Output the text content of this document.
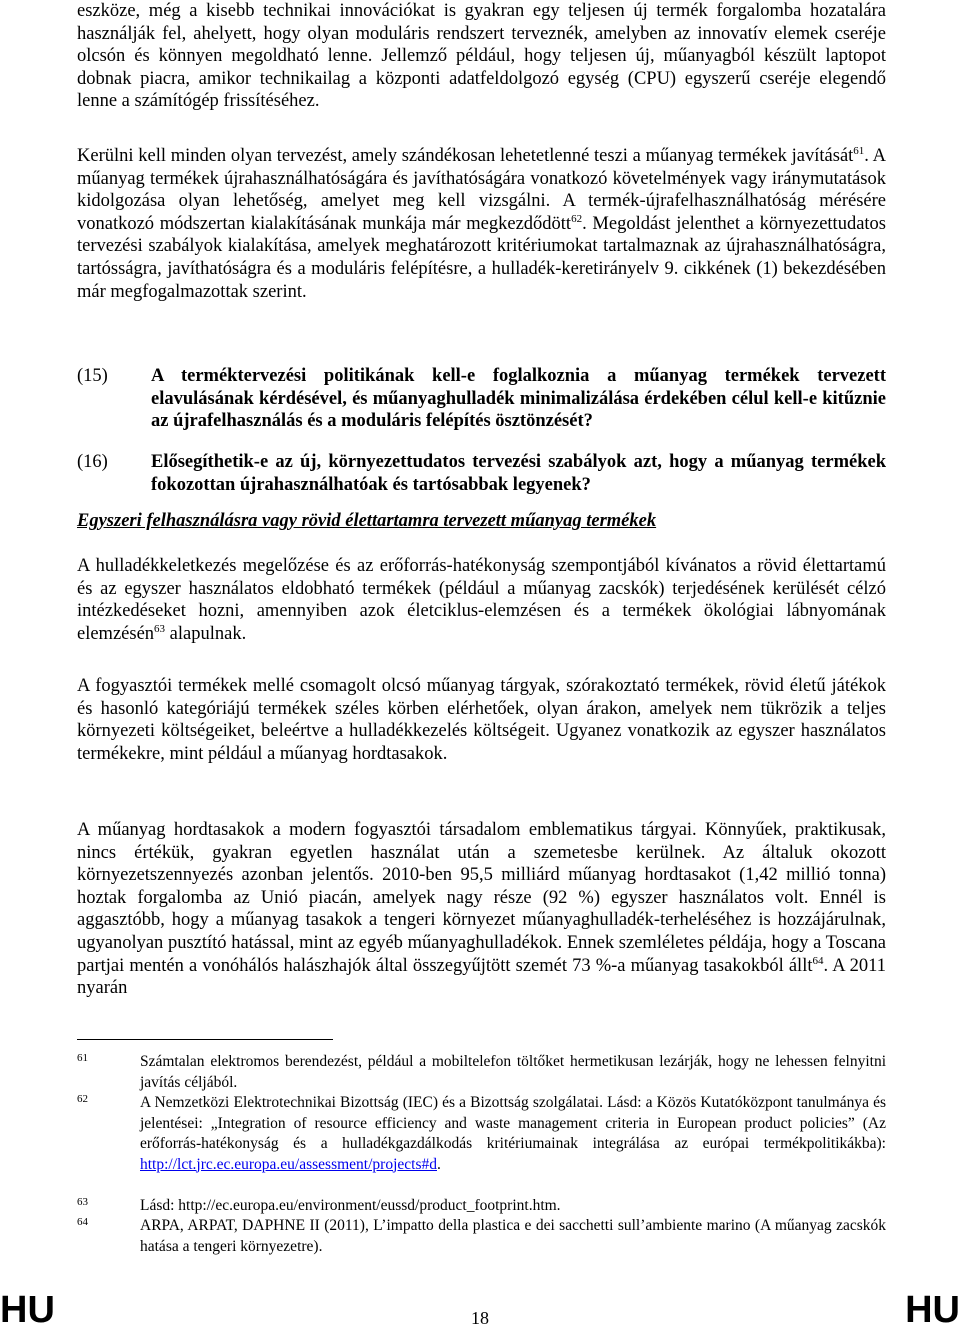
eszköze, még a kisebb technikai innovációkat is gyakran egy teljesen új termék forgalomba hozatalára használják fel, ahelyett, hogy olyan moduláris rendszert terveznék, amelyben az innovatív elemek cseréje olcsón és könnyen megoldható lenne. Jellemző például, hogy teljesen új, műanyagból készült laptopot dobnak piacra, amikor technikailag a központi adatfeldolgozó egység (CPU) egyszerű cseréje elegendő lenne a számítógép frissítéséhez.

Kerülni kell minden olyan tervezést, amely szándékosan lehetetlenné teszi a műanyag termékek javítását$^{61}$. A műanyag termékek újrahasználhatóságára és javíthatóságára vonatkozó követelmények vagy iránymutatások kidolgozása olyan lehetőség, amelyet meg kell vizsgálni. A termék-újrafelhasználhatóság mérésére vonatkozó módszertan kialakításának munkája már megkezdődött$^{62}$. Megoldást jelenthet a környezettudatos tervezési szabályok kialakítása, amelyek meghatározott kritériumokat tartalmaznak az újrahasználhatóságra, tartósságra, javíthatóságra és a moduláris felépítésre, a hulladék-keretirányelv 9. cikkének (1) bekezdésében már megfogalmazottak szerint.

(15) A terméktervezési politikának kell-e foglalkoznia a műanyag termékek tervezett elavulásának kérdésével, és műanyaghulladék minimalizálása érdekében célul kell-e kitűznie az újrafelhasználás és a moduláris felépítés ösztönzését?
(16) Elősegíthetik-e az új, környezettudatos tervezési szabályok azt, hogy a műanyag termékek fokozottan újrahasználhatóak és tartósabbak legyenek?
Egyszeri felhasználásra vagy rövid élettartamra tervezett műanyag termékek

A hulladékkeletkezés megelőzése és az erőforrás-hatékonyság szempontjából kívánatos a rövid élettartamú és az egyszer használatos eldobható termékek (például a műanyag zacskók) terjedésének kerülését célzó intézkedéseket hozni, amennyiben azok életciklus-elemzésen és a termékek ökológiai lábnyomának elemzésén$^{63}$ alapulnak.

A fogyasztói termékek mellé csomagolt olcsó műanyag tárgyak, szórakoztató termékek, rövid életű játékok és hasonló kategóriájú termékek széles körben elérhetőek, olyan árakon, amelyek nem tükrözik a teljes környezeti költségeiket, beleértve a hulladékkezelés költségeit. Ugyanez vonatkozik az egyszer használatos termékekre, mint például a műanyag hordtasakok.

A műanyag hordtasakok a modern fogyasztói társadalom emblematikus tárgyai. Könnyűek, praktikusak, nincs értékük, gyakran egyetlen használat után a szemetesbe kerülnek. Az általuk okozott környezetszennyezés azonban jelentős. 2010-ben 95,5 milliárd műanyag hordtasakot (1,42 millió tonna) hoztak forgalomba az Unió piacán, amelyek nagy része (92 %) egyszer használatos volt. Ennél is aggasztóbb, hogy a műanyag tasakok a tengeri környezet műanyaghulladék-terheléséhez is hozzájárulnak, ugyanolyan pusztító hatással, mint az egyéb műanyaghulladékok. Ennek szemléletes példája, hogy a Toscana partjai mentén a vonóhálós halászhajók által összegyűjtött szemét 73 %-a műanyag tasakokból állt$^{64}$. A 2011 nyarán

61	Számtalan elektromos berendezést, például a mobiltelefon töltőket hermetikusan lezárják, hogy ne lehessen felnyitni javítás céljából.
62	A Nemzetközi Elektrotechnikai Bizottság (IEC) és a Bizottság szolgálatai. Lásd: a Közös Kutatóközpont tanulmánya és jelentései: „Integration of resource efficiency and waste management criteria in European product policies” (Az erőforrás-hatékonyság és a hulladékgazdálkodás kritériumainak integrálása az európai termékpolitikákba): http://lct.jrc.ec.europa.eu/assessment/projects#d.
63	Lásd: http://ec.europa.eu/environment/eussd/product_footprint.htm.
64	ARPA, ARPAT, DAPHNE II (2011), L’impatto della plastica e dei sacchetti sull’ambiente marino (A műanyag zacskók hatása a tengeri környezetre).
HU	18	HU
